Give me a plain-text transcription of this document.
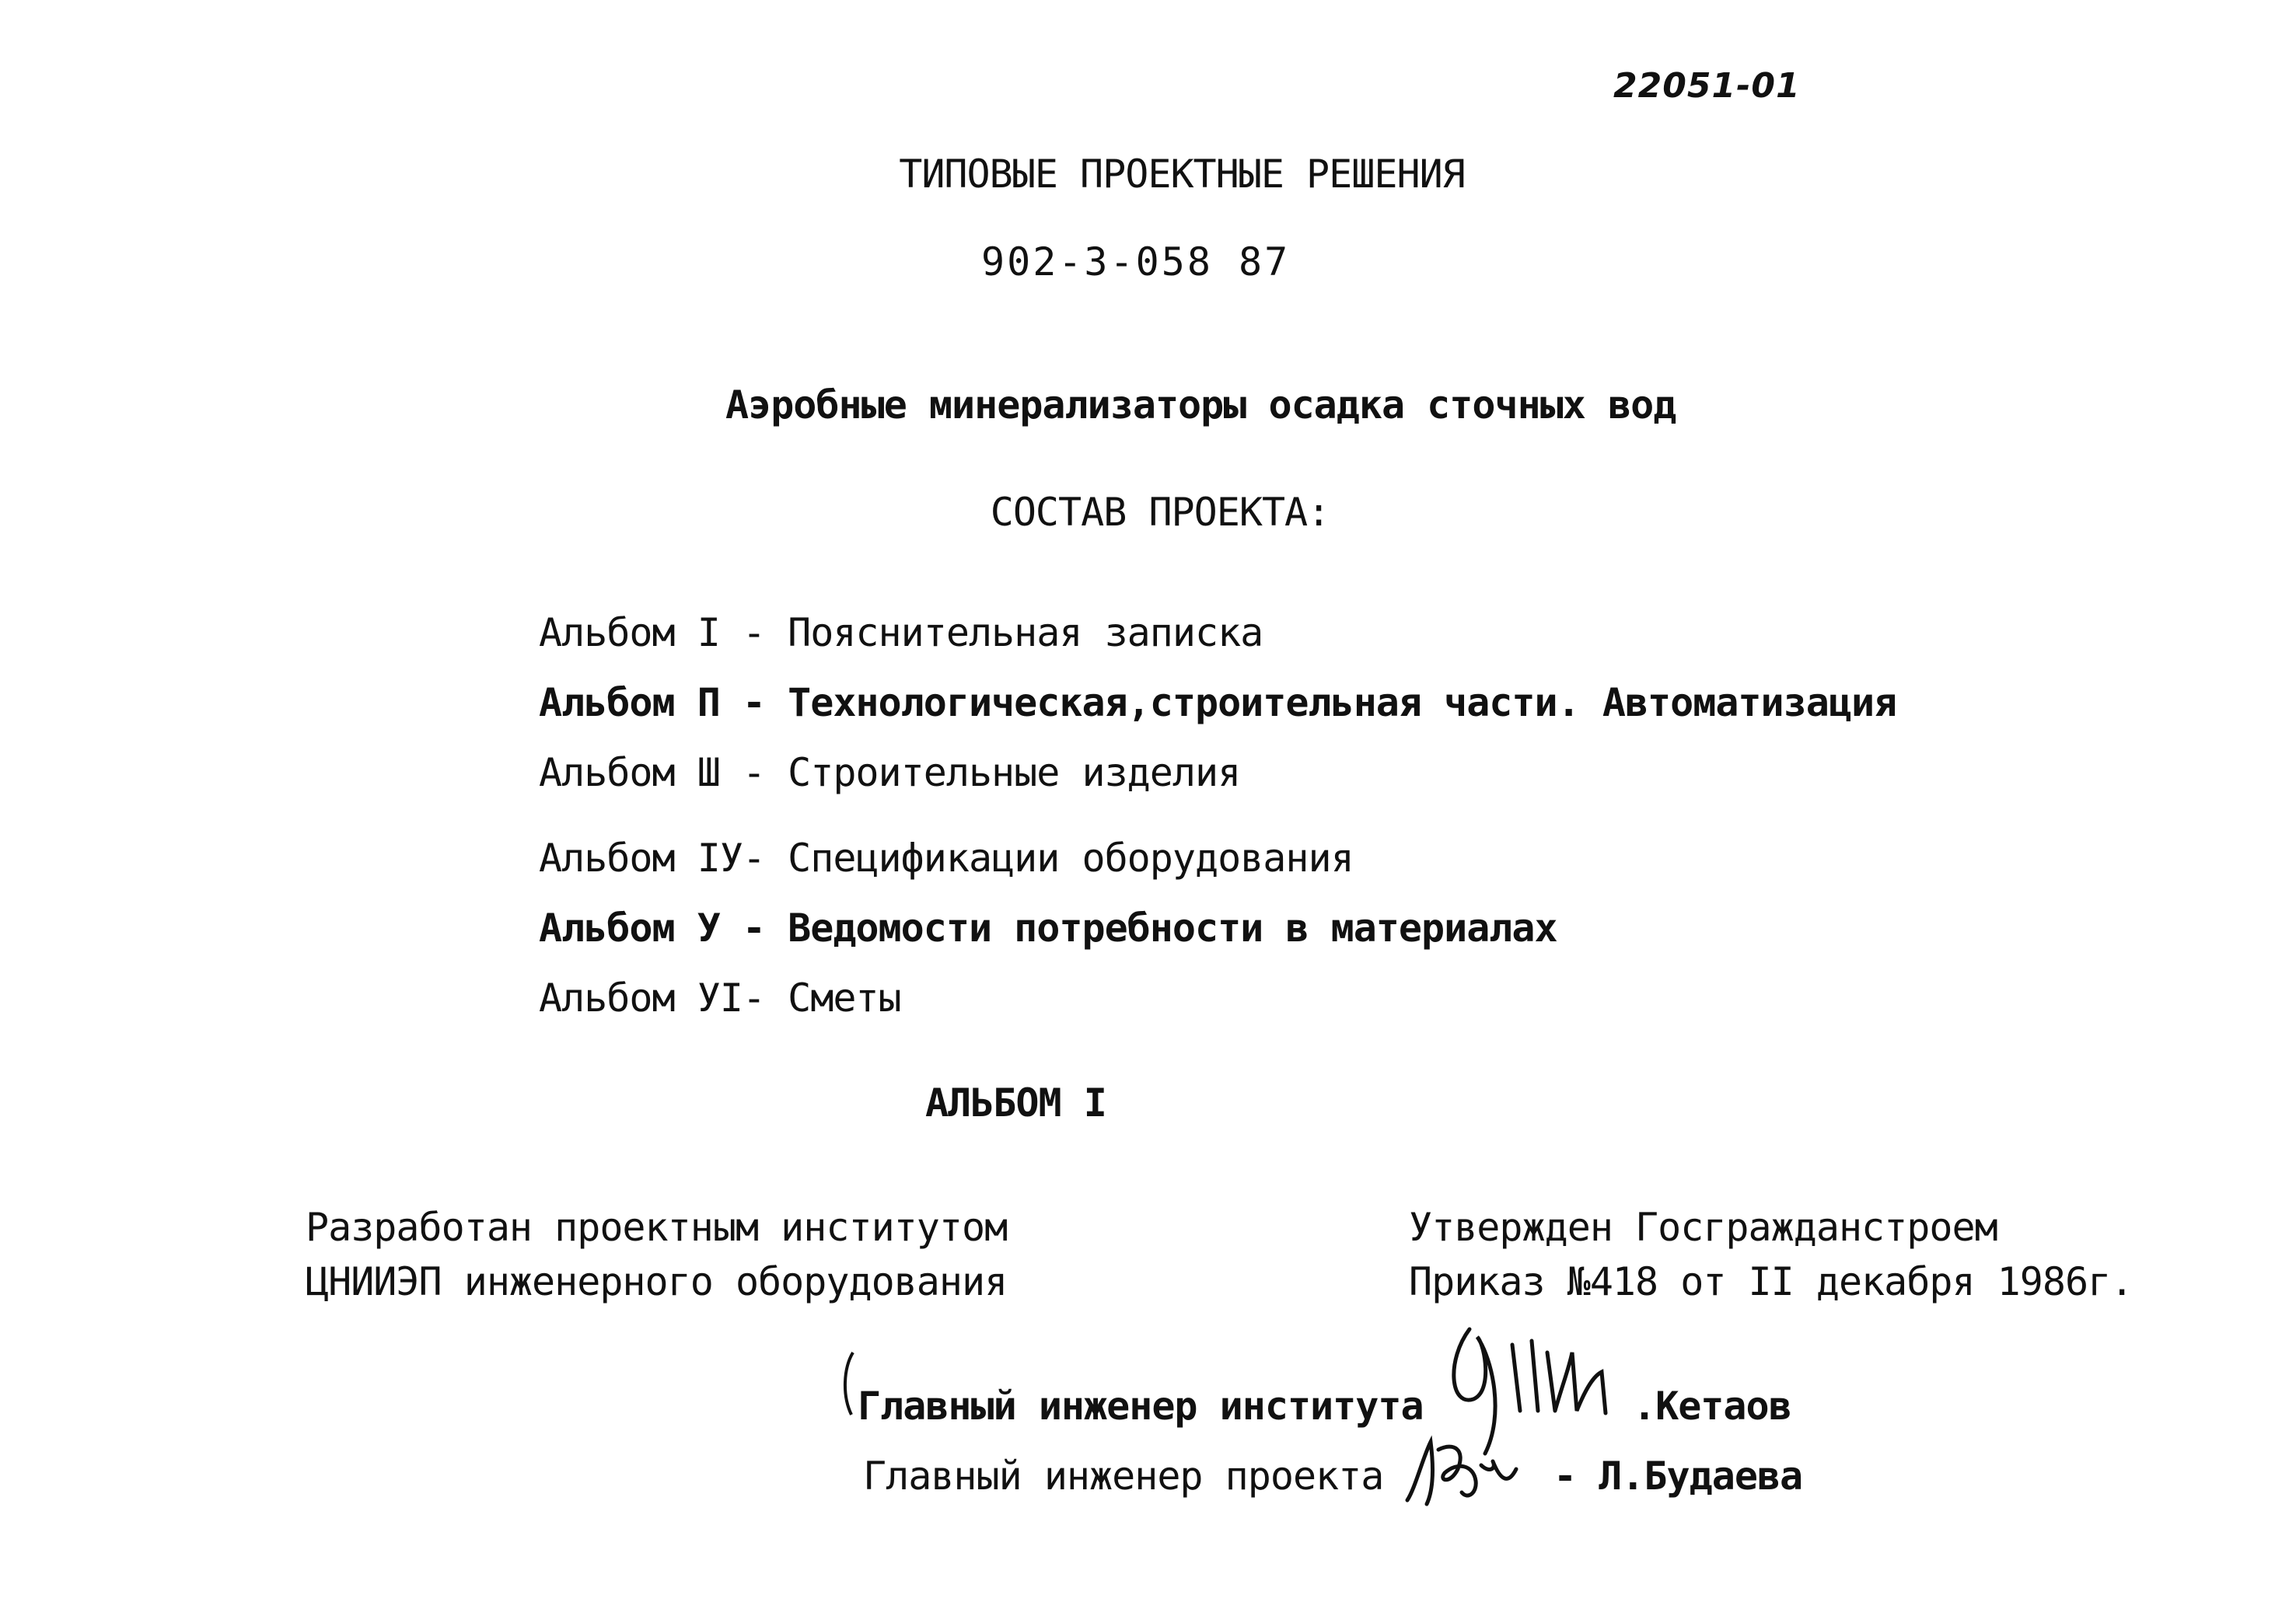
22051-01
ТИПОВЫЕ ПРОЕКТНЫЕ РЕШЕНИЯ
902-3-058 87
Аэробные минерализаторы осадка сточных вод
СОСТАВ ПРОЕКТА:
Альбом I - Пояснительная записка
Альбом П - Технологическая,строительная части. Автоматизация
Альбом Ш - Строительные изделия
Альбом IУ- Спецификации оборудования
Альбом У - Ведомости потребности в материалах
Альбом УI- Сметы
АЛЬБОМ I
Разработан проектным институтом
ЦНИИЭП инженерного оборудования
Утвержден Госгражданстроем
Приказ №418 от II декабря 1986г.
Главный инженер института	.Кетаов
Главный инженер проекта	- Л.Будаева
